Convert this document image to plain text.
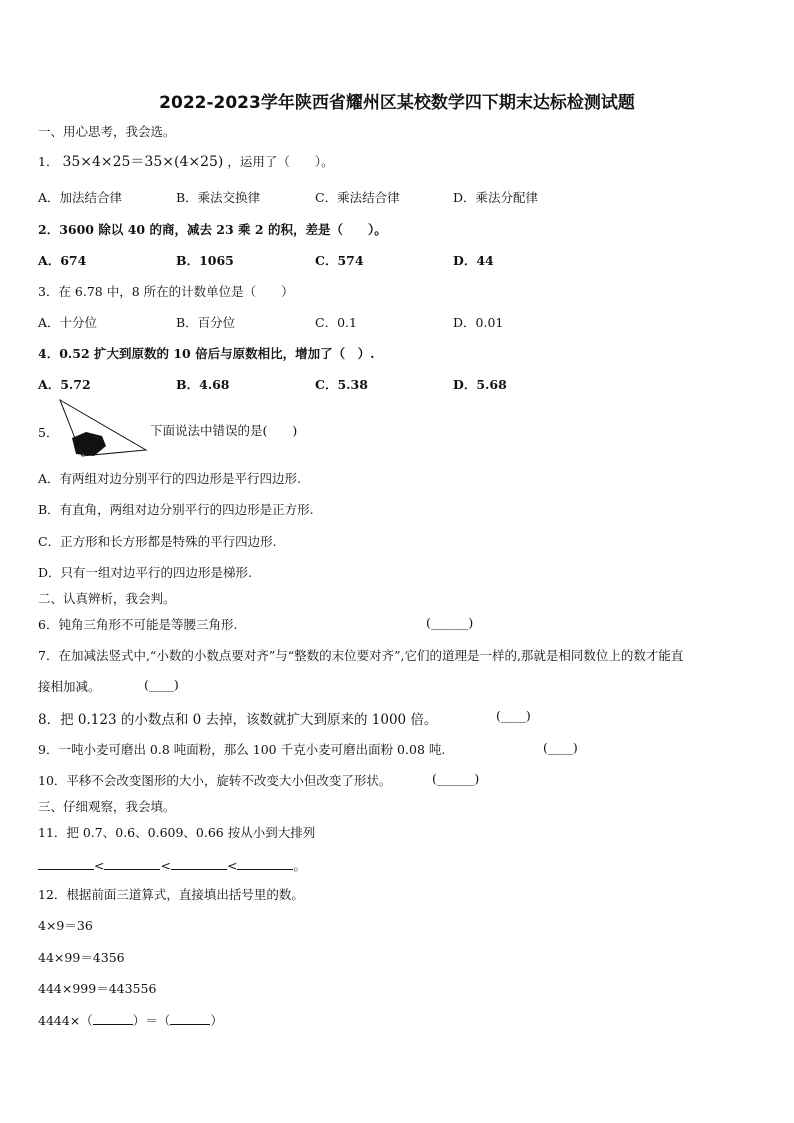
2022-2023学年陕西省耀州区某校数学四下期末达标检测试题
一、用心思考，我会选。
1． 35×4×25＝35×(4×25) ，运用了（　　）。
A．加法结合律	B．乘法交换律	C．乘法结合律	D．乘法分配律
2．3600 除以 40 的商，减去 23 乘 2 的积，差是（　　）。
A．674	B．1065	C．574	D．44
3．在 6.78 中，8 所在的计数单位是（　　）
A．十分位	B．百分位	C．0.1	D．0.01
4．0.52 扩大到原数的 10 倍后与原数相比，增加了（　）.
A．5.72	B．4.68	C．5.38	D．5.68
5．	下面说法中错误的是(　　)
A．有两组对边分别平行的四边形是平行四边形.
B．有直角，两组对边分别平行的四边形是正方形.
C．正方形和长方形都是特殊的平行四边形.
D．只有一组对边平行的四边形是梯形.
二、认真辨析，我会判。
6．钝角三角形不可能是等腰三角形.	(______)
7．在加减法竖式中,“小数的小数点要对齐”与“整数的末位要对齐”,它们的道理是一样的,那就是相同数位上的数才能直
接相加减。	(____)
8．把 0.123 的小数点和 0 去掉，该数就扩大到原来的 1000 倍。	(____)
9．一吨小麦可磨出 0.8 吨面粉，那么 100 千克小麦可磨出面粉 0.08 吨.	(____)
10．平移不会改变图形的大小，旋转不改变大小但改变了形状。	(______)
三、仔细观察，我会填。
11．把 0.7、0.6、0.609、0.66 按从小到大排列
<	<	<	。
12．根据前面三道算式，直接填出括号里的数。
4×9＝36
44×99＝4356
444×999＝443556
4444×（	）＝（	）
